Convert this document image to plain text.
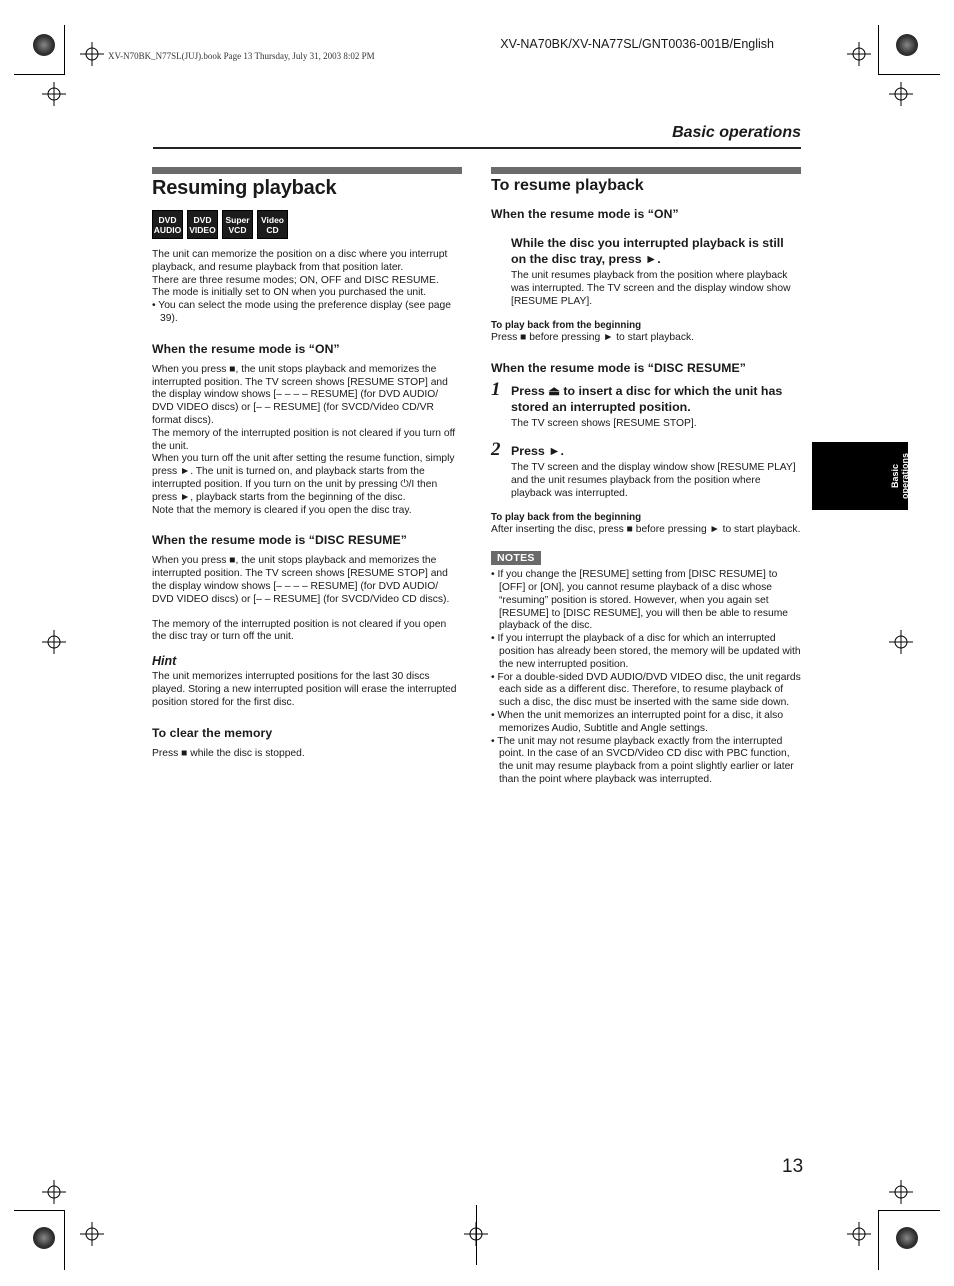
XV-N70BK_N77SL(JUJ).book Page 13 Thursday, July 31, 2003 8:02 PM
XV-NA70BK/XV-NA77SL/GNT0036-001B/English
Basic operations
Resuming playback
DVD
AUDIO
DVD
VIDEO
Super
VCD
Video
CD

The unit can memorize the position on a disc where you interrupt playback, and resume playback from that position later.

There are three resume modes; ON, OFF and DISC RESUME.

The mode is initially set to ON when you purchased the unit.

• You can select the mode using the preference display (see page 39).

When the resume mode is “ON”

When you press ■, the unit stops playback and memorizes the interrupted position. The TV screen shows [RESUME STOP] and the display window shows [– – – – RESUME] (for DVD AUDIO/ DVD VIDEO discs) or [– – RESUME] (for SVCD/Video CD/VR format discs).

The memory of the interrupted position is not cleared if you turn off the unit.

When you turn off the unit after setting the resume function, simply press ►. The unit is turned on, and playback starts from the interrupted position. If you turn on the unit by pressing ⏻/I then press ►, playback starts from the beginning of the disc.

Note that the memory is cleared if you open the disc tray.

When the resume mode is “DISC RESUME”

When you press ■, the unit stops playback and memorizes the interrupted position. The TV screen shows [RESUME STOP] and the display window shows [– – – – RESUME] (for DVD AUDIO/ DVD VIDEO discs) or [– – RESUME] (for SVCD/Video CD discs).

The memory of the interrupted position is not cleared if you open the disc tray or turn off the unit.

Hint

The unit memorizes interrupted positions for the last 30 discs played. Storing a new interrupted position will erase the interrupted position stored for the first disc.

To clear the memory

Press ■ while the disc is stopped.

To resume playback
When the resume mode is “ON”
While the disc you interrupted playback is still on the disc tray, press ►.
The unit resumes playback from the position where playback was interrupted. The TV screen and the display window show [RESUME PLAY].
To play back from the beginning

Press ■ before pressing ► to start playback.

When the resume mode is “DISC RESUME”
1 Press ⏏ to insert a disc for which the unit has stored an interrupted position.
The TV screen shows [RESUME STOP].
2 Press ►.
The TV screen and the display window show [RESUME PLAY] and the unit resumes playback from the position where playback was interrupted.
To play back from the beginning

After inserting the disc, press ■ before pressing ► to start playback.

NOTES

• If you change the [RESUME] setting from [DISC RESUME] to [OFF] or [ON], you cannot resume playback of a disc whose “resuming” position is stored. However, when you again set [RESUME] to [DISC RESUME], you will then be able to resume playback of the disc.

• If you interrupt the playback of a disc for which an interrupted position has already been stored, the memory will be updated with the new interrupted position.

• For a double-sided DVD AUDIO/DVD VIDEO disc, the unit regards each side as a different disc. Therefore, to resume playback of such a disc, the disc must be inserted with the same side down.

• When the unit memorizes an interrupted point for a disc, it also memorizes Audio, Subtitle and Angle settings.

• The unit may not resume playback exactly from the interrupted point. In the case of an SVCD/Video CD disc with PBC function, the unit may resume playback from a point slightly earlier or later than the point where playback was interrupted.

Basic operations
13
